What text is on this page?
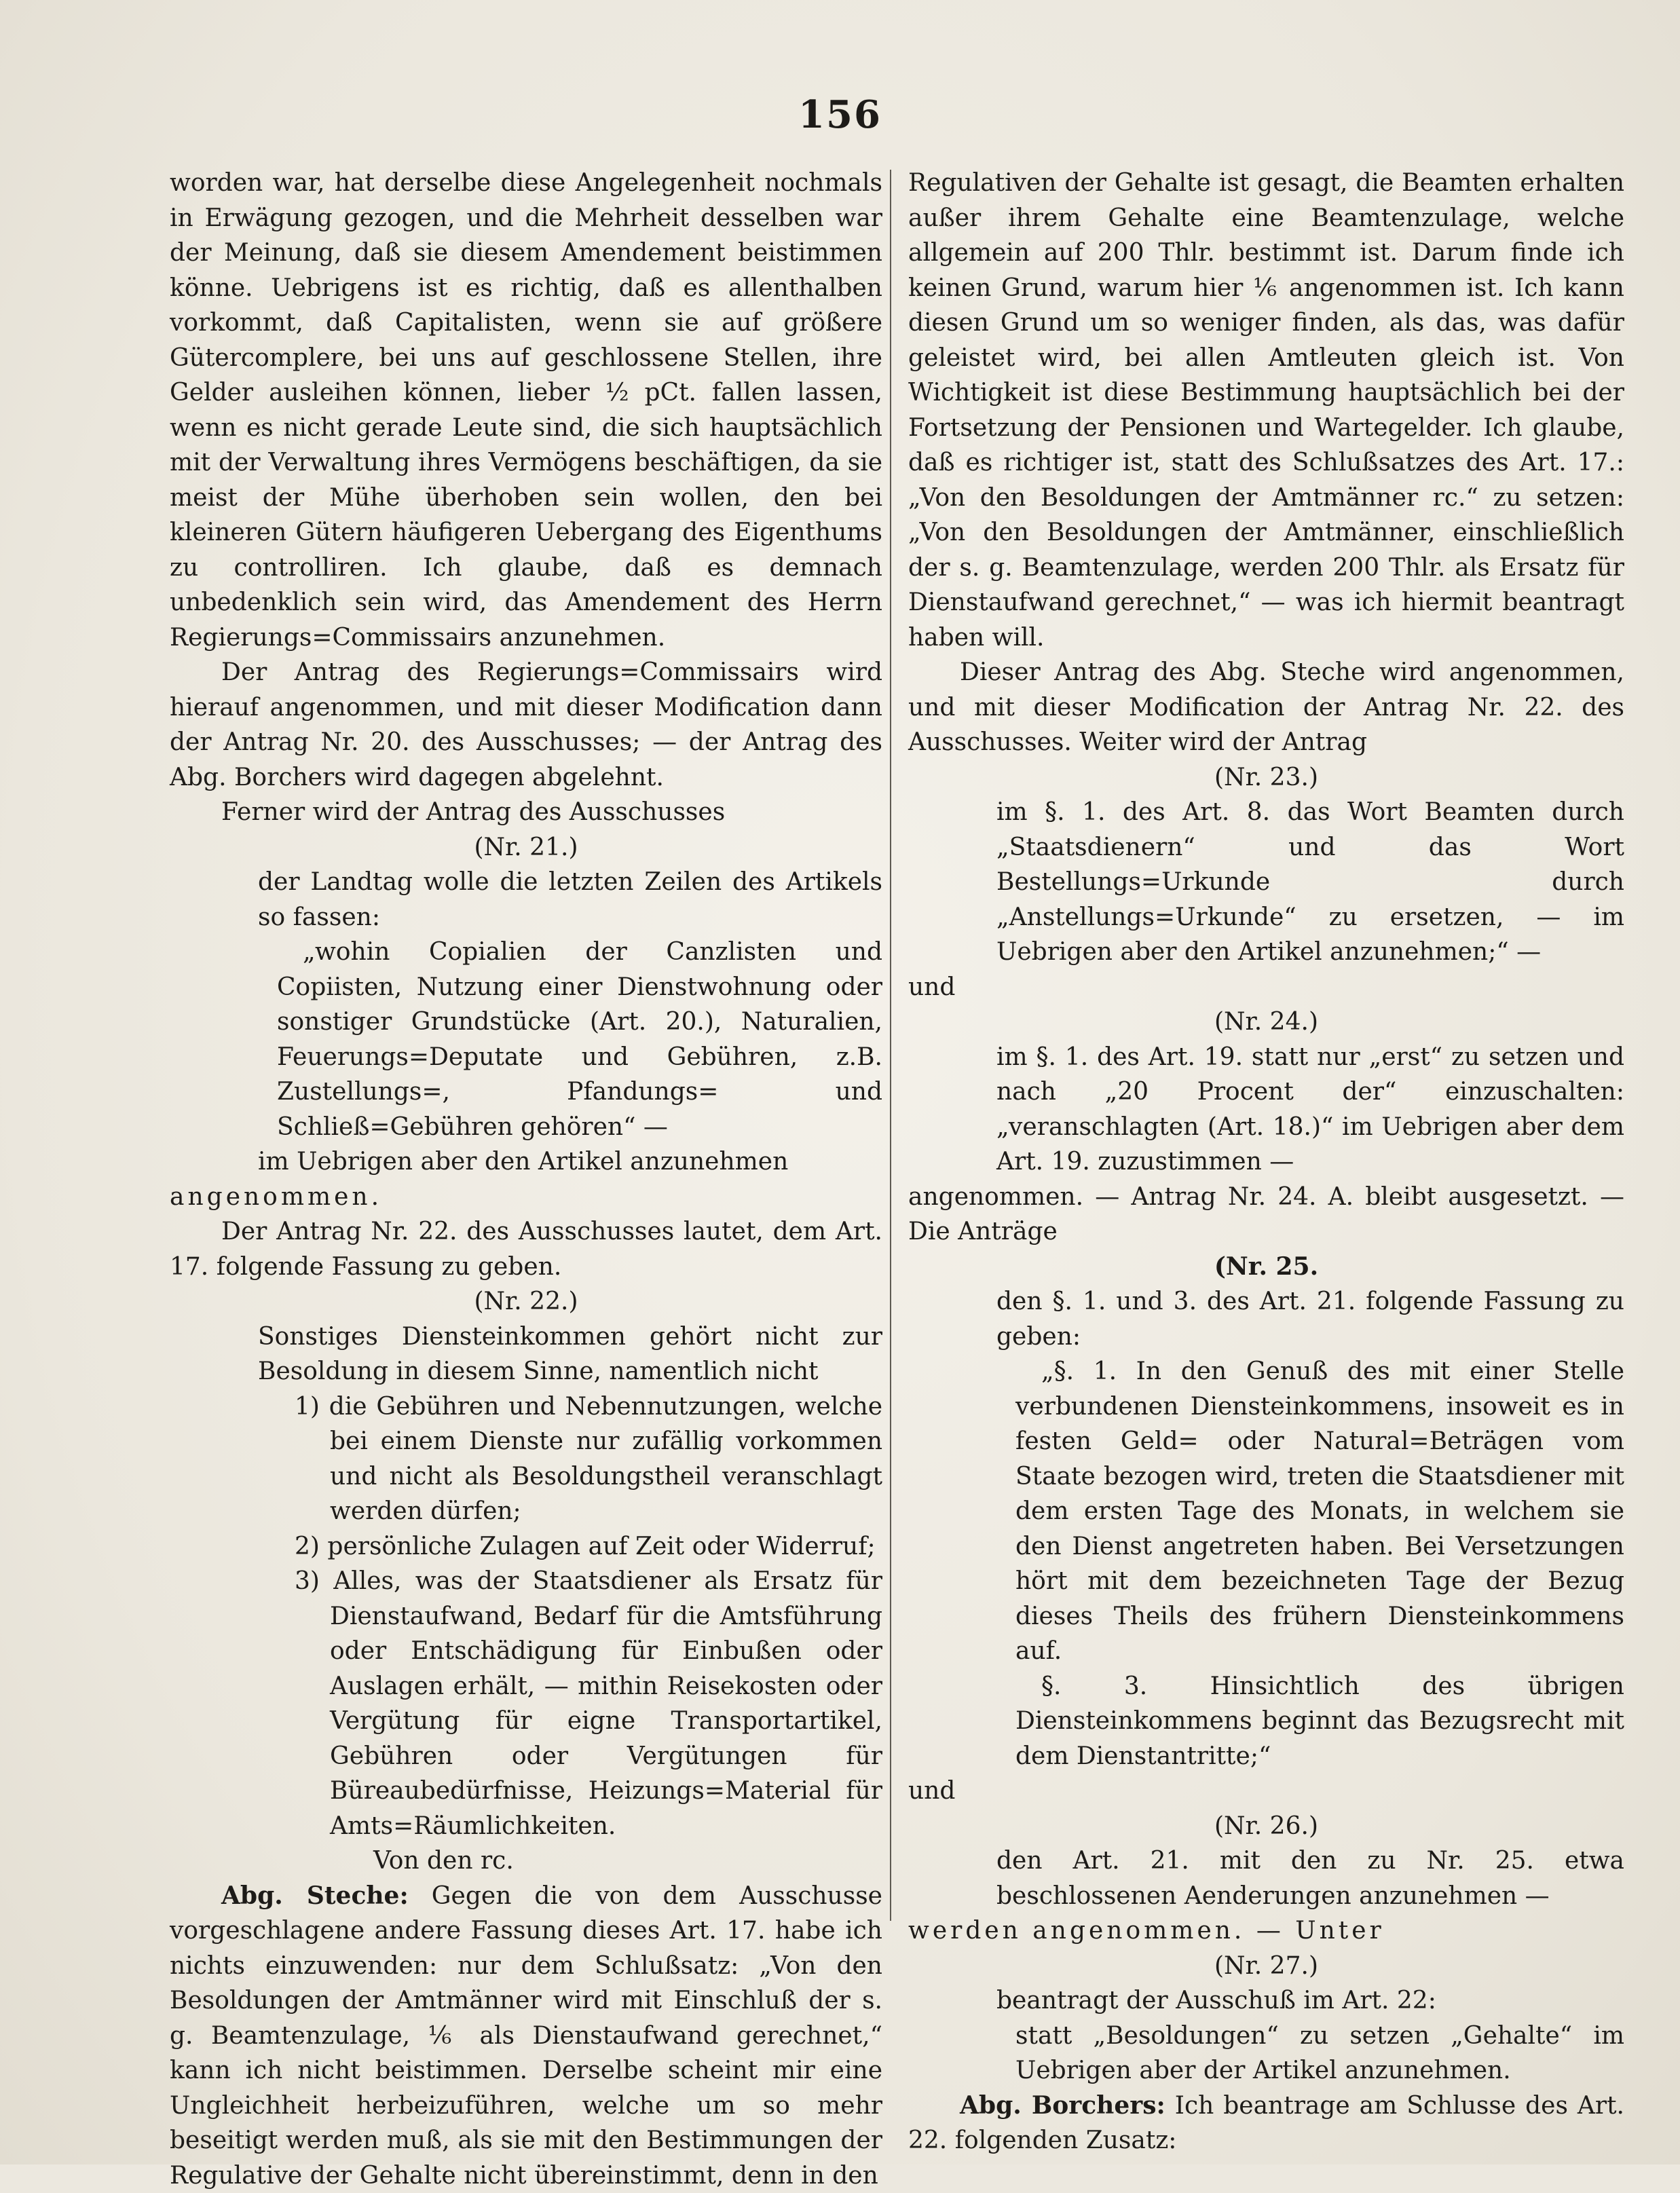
156

worden war, hat derselbe diese Angelegenheit nochmals in Erwägung gezogen, und die Mehrheit desselben war der Meinung, daß sie diesem Amendement beistimmen könne. Uebrigens ist es richtig, daß es allenthalben vorkommt, daß Capitalisten, wenn sie auf größere Gütercomplere, bei uns auf geschlossene Stellen, ihre Gelder ausleihen können, lieber ½ pCt. fallen lassen, wenn es nicht gerade Leute sind, die sich hauptsächlich mit der Verwaltung ihres Vermögens beschäftigen, da sie meist der Mühe überhoben sein wollen, den bei kleineren Gütern häufigeren Uebergang des Eigenthums zu controlliren. Ich glaube, daß es demnach unbedenklich sein wird, das Amendement des Herrn Regierungs=Commissairs anzunehmen.

Der Antrag des Regierungs=Commissairs wird hierauf angenommen, und mit dieser Modification dann der Antrag Nr. 20. des Ausschusses; — der Antrag des Abg. Borchers wird dagegen abgelehnt.

Ferner wird der Antrag des Ausschusses

(Nr. 21.)

der Landtag wolle die letzten Zeilen des Artikels so fassen:

„wohin Copialien der Canzlisten und Copiisten, Nutzung einer Dienstwohnung oder sonstiger Grundstücke (Art. 20.), Naturalien, Feuerungs=Deputate und Gebühren, z.B. Zustellungs=, Pfandungs= und Schließ=Gebühren gehören“ —

im Uebrigen aber den Artikel anzunehmen

angenommen.

Der Antrag Nr. 22. des Ausschusses lautet, dem Art. 17. folgende Fassung zu geben.

(Nr. 22.)

Sonstiges Diensteinkommen gehört nicht zur Besoldung in diesem Sinne, namentlich nicht

1) die Gebühren und Nebennutzungen, welche bei einem Dienste nur zufällig vorkommen und nicht als Besoldungstheil veranschlagt werden dürfen;

2) persönliche Zulagen auf Zeit oder Widerruf;

3) Alles, was der Staatsdiener als Ersatz für Dienstaufwand, Bedarf für die Amtsführung oder Entschädigung für Einbußen oder Auslagen erhält, — mithin Reisekosten oder Vergütung für eigne Transportartikel, Gebühren oder Vergütungen für Büreaubedürfnisse, Heizungs=Material für Amts=Räumlichkeiten.

Von den rc.

Abg. Steche: Gegen die von dem Ausschusse vorgeschlagene andere Fassung dieses Art. 17. habe ich nichts einzuwenden: nur dem Schlußsatz: „Von den Besoldungen der Amtmänner wird mit Einschluß der s. g. Beamtenzulage, ⅙ als Dienstaufwand gerechnet,“ kann ich nicht beistimmen. Derselbe scheint mir eine Ungleichheit herbeizuführen, welche um so mehr beseitigt werden muß, als sie mit den Bestimmungen der Regulative der Gehalte nicht übereinstimmt, denn in den

Regulativen der Gehalte ist gesagt, die Beamten erhalten außer ihrem Gehalte eine Beamtenzulage, welche allgemein auf 200 Thlr. bestimmt ist. Darum finde ich keinen Grund, warum hier ⅙ angenommen ist. Ich kann diesen Grund um so weniger finden, als das, was dafür geleistet wird, bei allen Amtleuten gleich ist. Von Wichtigkeit ist diese Bestimmung hauptsächlich bei der Fortsetzung der Pensionen und Wartegelder. Ich glaube, daß es richtiger ist, statt des Schlußsatzes des Art. 17.: „Von den Besoldungen der Amtmänner rc.“ zu setzen: „Von den Besoldungen der Amtmänner, einschließlich der s. g. Beamtenzulage, werden 200 Thlr. als Ersatz für Dienstaufwand gerechnet,“ — was ich hiermit beantragt haben will.

Dieser Antrag des Abg. Steche wird angenommen, und mit dieser Modification der Antrag Nr. 22. des Ausschusses. Weiter wird der Antrag

(Nr. 23.)

im §. 1. des Art. 8. das Wort Beamten durch „Staatsdienern“ und das Wort Bestellungs=Urkunde durch „Anstellungs=Urkunde“ zu ersetzen, — im Uebrigen aber den Artikel anzunehmen;“ —

und

(Nr. 24.)

im §. 1. des Art. 19. statt nur „erst“ zu setzen und nach „20 Procent der“ einzuschalten: „veranschlagten (Art. 18.)“ im Uebrigen aber dem Art. 19. zuzustimmen —

angenommen. — Antrag Nr. 24. A. bleibt ausgesetzt. — Die Anträge

(Nr. 25.

den §. 1. und 3. des Art. 21. folgende Fassung zu geben:

„§. 1. In den Genuß des mit einer Stelle verbundenen Diensteinkommens, insoweit es in festen Geld= oder Natural=Beträgen vom Staate bezogen wird, treten die Staatsdiener mit dem ersten Tage des Monats, in welchem sie den Dienst angetreten haben. Bei Versetzungen hört mit dem bezeichneten Tage der Bezug dieses Theils des frühern Diensteinkommens auf.

§. 3. Hinsichtlich des übrigen Diensteinkommens beginnt das Bezugsrecht mit dem Dienstantritte;“

und

(Nr. 26.)

den Art. 21. mit den zu Nr. 25. etwa beschlossenen Aenderungen anzunehmen —

werden angenommen. — Unter

(Nr. 27.)

beantragt der Ausschuß im Art. 22:

statt „Besoldungen“ zu setzen „Gehalte“ im Uebrigen aber der Artikel anzunehmen.

Abg. Borchers: Ich beantrage am Schlusse des Art. 22. folgenden Zusatz:
